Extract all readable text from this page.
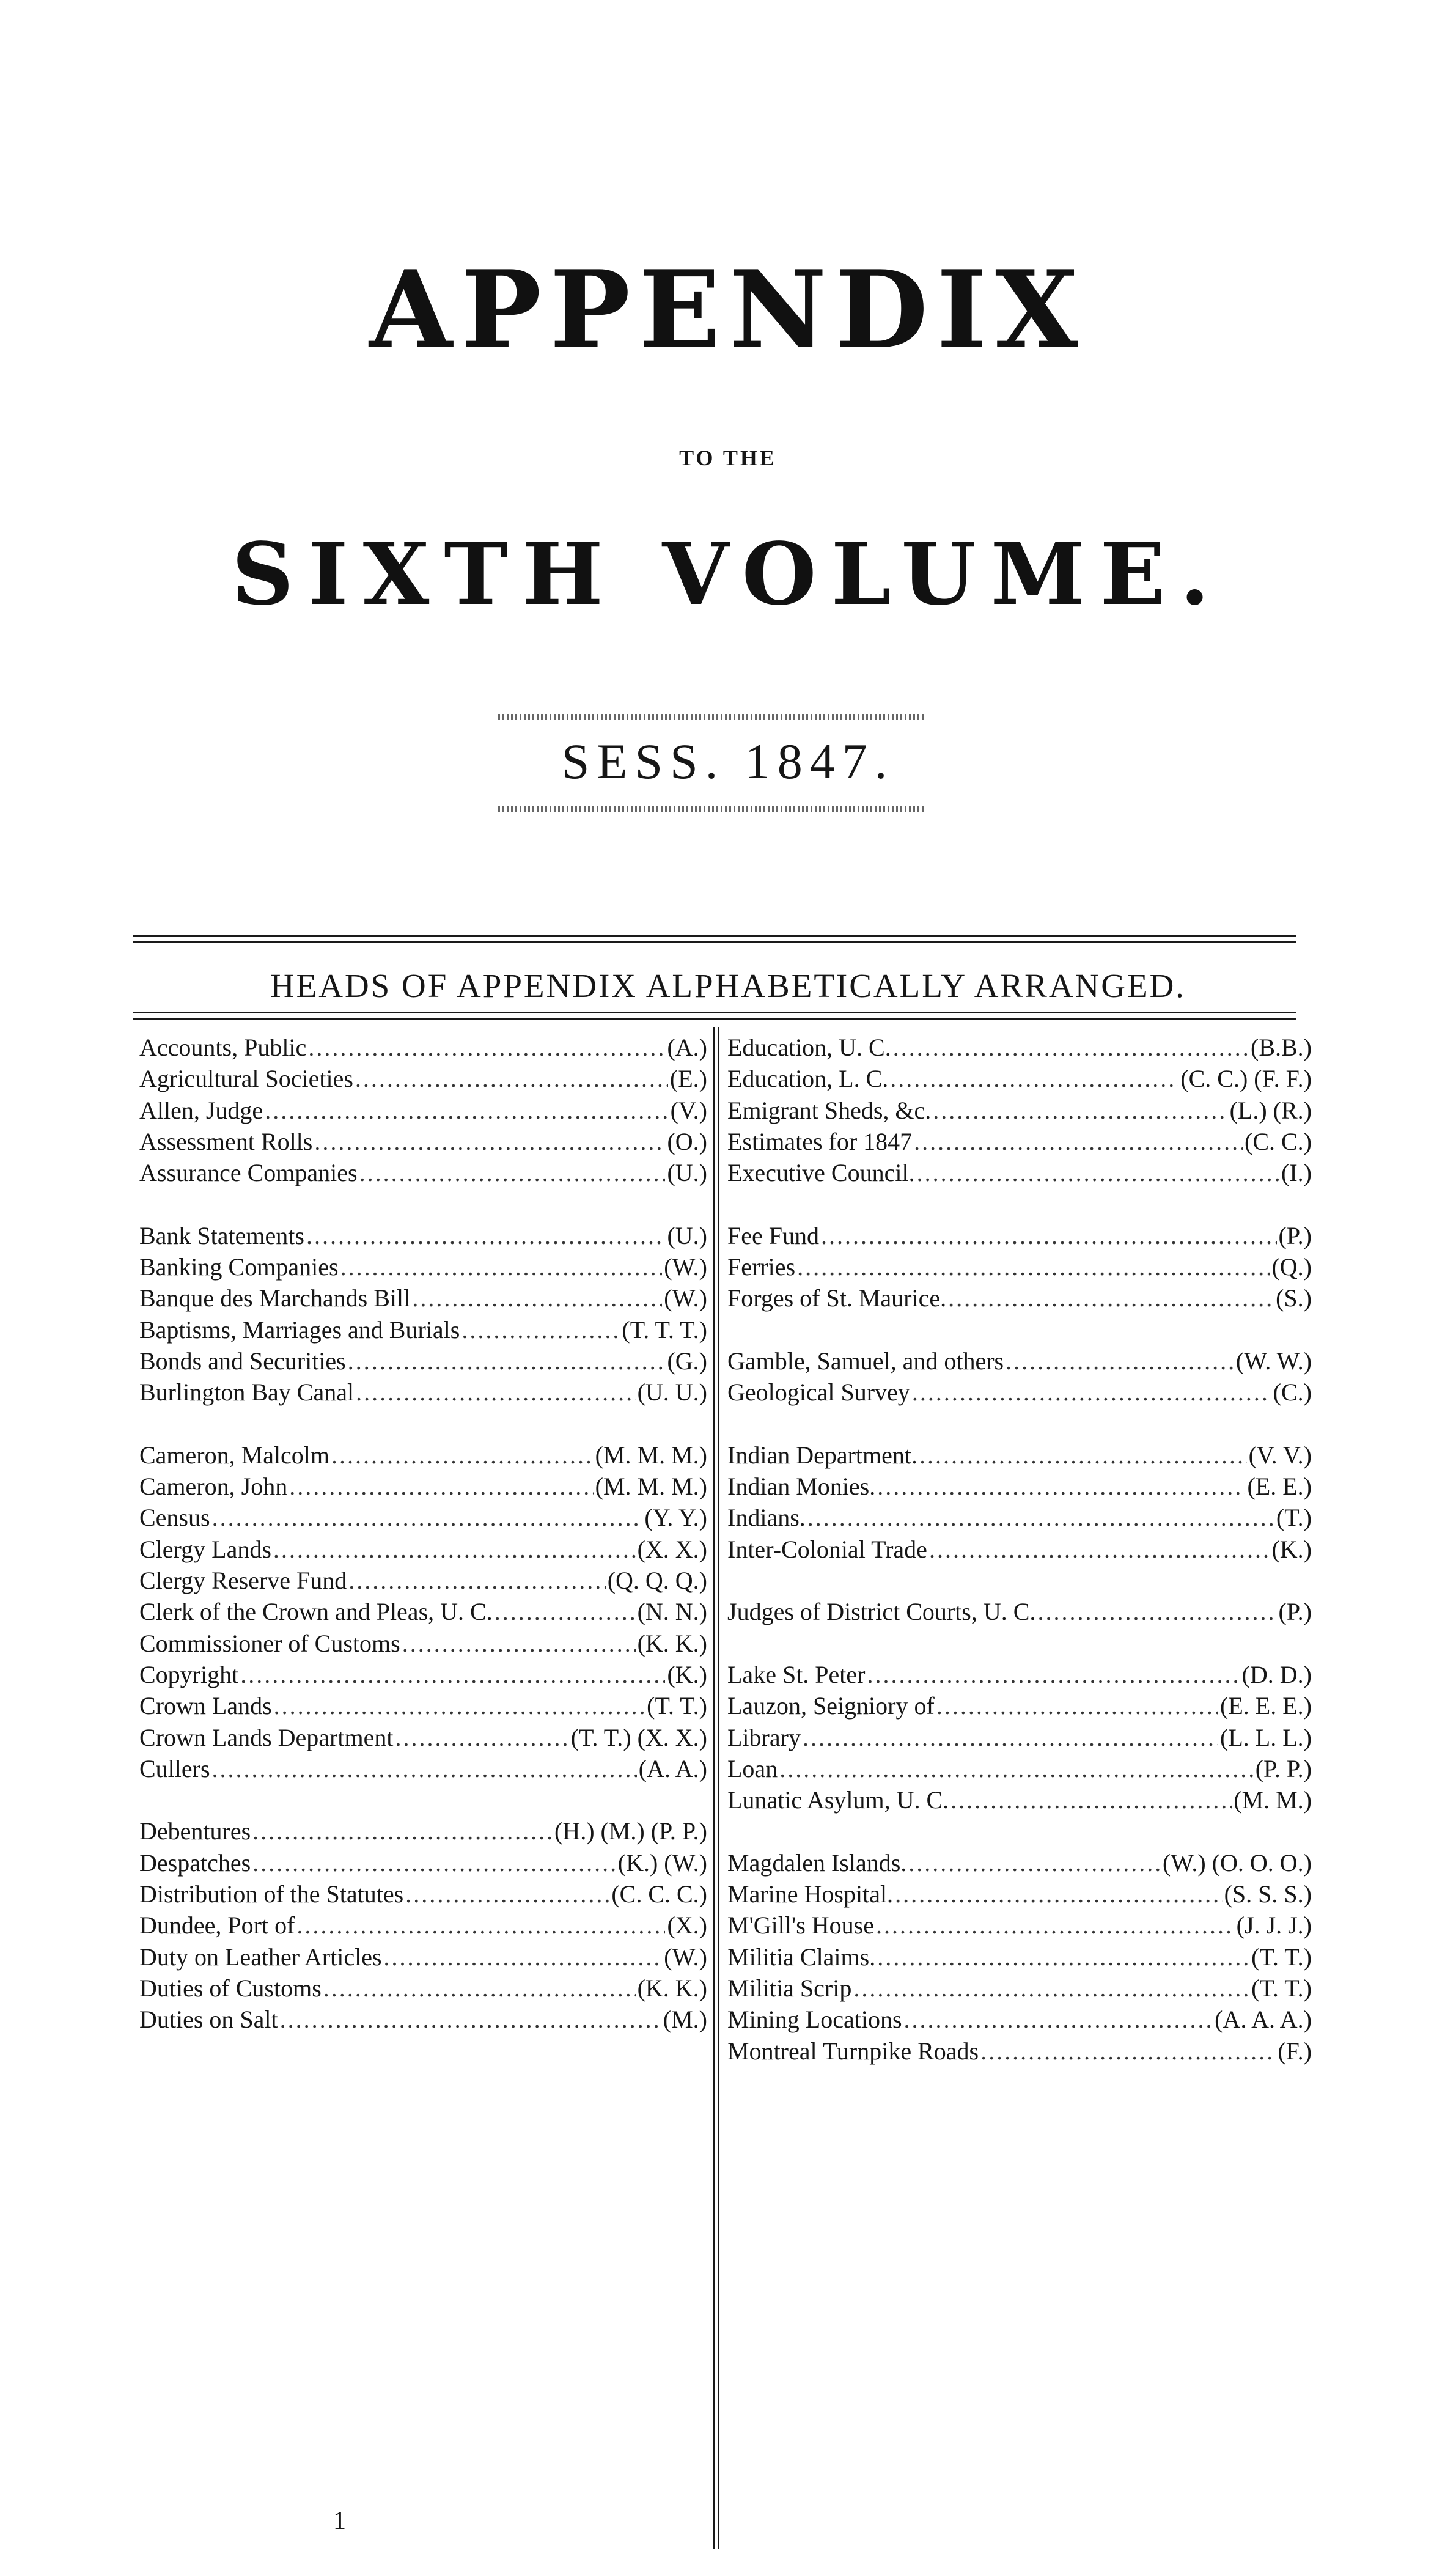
APPENDIX
TO THE
SIXTH VOLUME.
SESS. 1847.
HEADS OF APPENDIX ALPHABETICALLY ARRANGED.
Accounts, Public .....	(A.)
Agricultural Societies .....	(E.)
Allen, Judge .....	(V.)
Assessment Rolls .....	(O.)
Assurance Companies .....	(U.)
Bank Statements .....	(U.)
Banking Companies .....	(W.)
Banque des Marchands Bill .....	(W.)
Baptisms, Marriages and Burials .....	(T. T. T.)
Bonds and Securities .....	(G.)
Burlington Bay Canal .....	(U. U.)
Cameron, Malcolm .....	(M. M. M.)
Cameron, John .....	(M. M. M.)
Census .....	(Y. Y.)
Clergy Lands .....	(X. X.)
Clergy Reserve Fund .....	(Q. Q. Q.)
Clerk of the Crown and Pleas, U. C. .....	(N. N.)
Commissioner of Customs .....	(K. K.)
Copyright .....	(K.)
Crown Lands .....	(T. T.)
Crown Lands Department .....	(T. T.) (X. X.)
Cullers .....	(A. A.)
Debentures .....	(H.) (M.) (P. P.)
Despatches .....	(K.) (W.)
Distribution of the Statutes .....	(C. C. C.)
Dundee, Port of .....	(X.)
Duty on Leather Articles .....	(W.)
Duties of Customs .....	(K. K.)
Duties on Salt .....	(M.)
Education, U. C. .....	(B.B.)
Education, L. C. .....	(C. C.) (F. F.)
Emigrant Sheds, &c. .....	(L.) (R.)
Estimates for 1847 .....	(C. C.)
Executive Council. .....	(I.)
Fee Fund .....	(P.)
Ferries .....	(Q.)
Forges of St. Maurice. .....	(S.)
Gamble, Samuel, and others .....	(W. W.)
Geological Survey .....	(C.)
Indian Department. .....	(V. V.)
Indian Monies. .....	(E. E.)
Indians. .....	(T.)
Inter-Colonial Trade .....	(K.)
Judges of District Courts, U. C. .....	(P.)
Lake St. Peter .....	(D. D.)
Lauzon, Seigniory of .....	(E. E. E.)
Library .....	(L. L. L.)
Loan .....	(P. P.)
Lunatic Asylum, U. C. .....	(M. M.)
Magdalen Islands. .....	(W.) (O. O. O.)
Marine Hospital. .....	(S. S. S.)
M'Gill's House .....	(J. J. J.)
Militia Claims. .....	(T. T.)
Militia Scrip .....	(T. T.)
Mining Locations .....	(A. A. A.)
Montreal Turnpike Roads .....	(F.)
1
